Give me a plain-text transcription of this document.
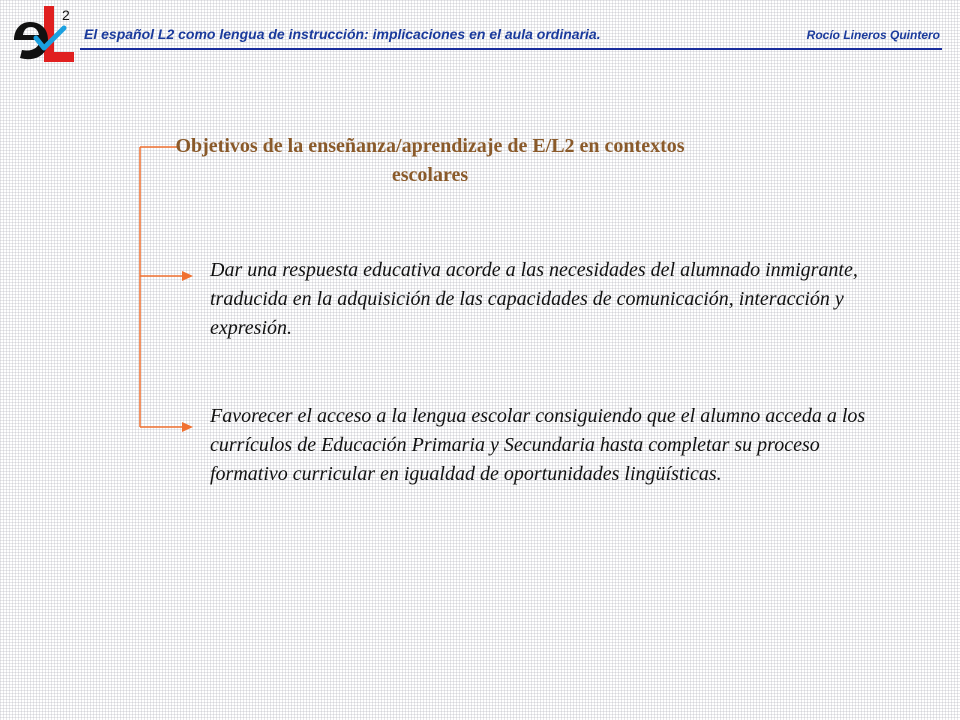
2
El español L2 como lengua de instrucción: implicaciones en el aula ordinaria.	Rocío Lineros Quintero
Objetivos de la enseñanza/aprendizaje de E/L2 en contextos escolares
Dar una respuesta educativa acorde a las necesidades del alumnado inmigrante, traducida en la adquisición de las capacidades de comunicación, interacción y expresión.
Favorecer el acceso a la lengua escolar consiguiendo que el alumno acceda a los currículos de Educación Primaria y Secundaria hasta completar su proceso formativo curricular en igualdad de oportunidades lingüísticas.
